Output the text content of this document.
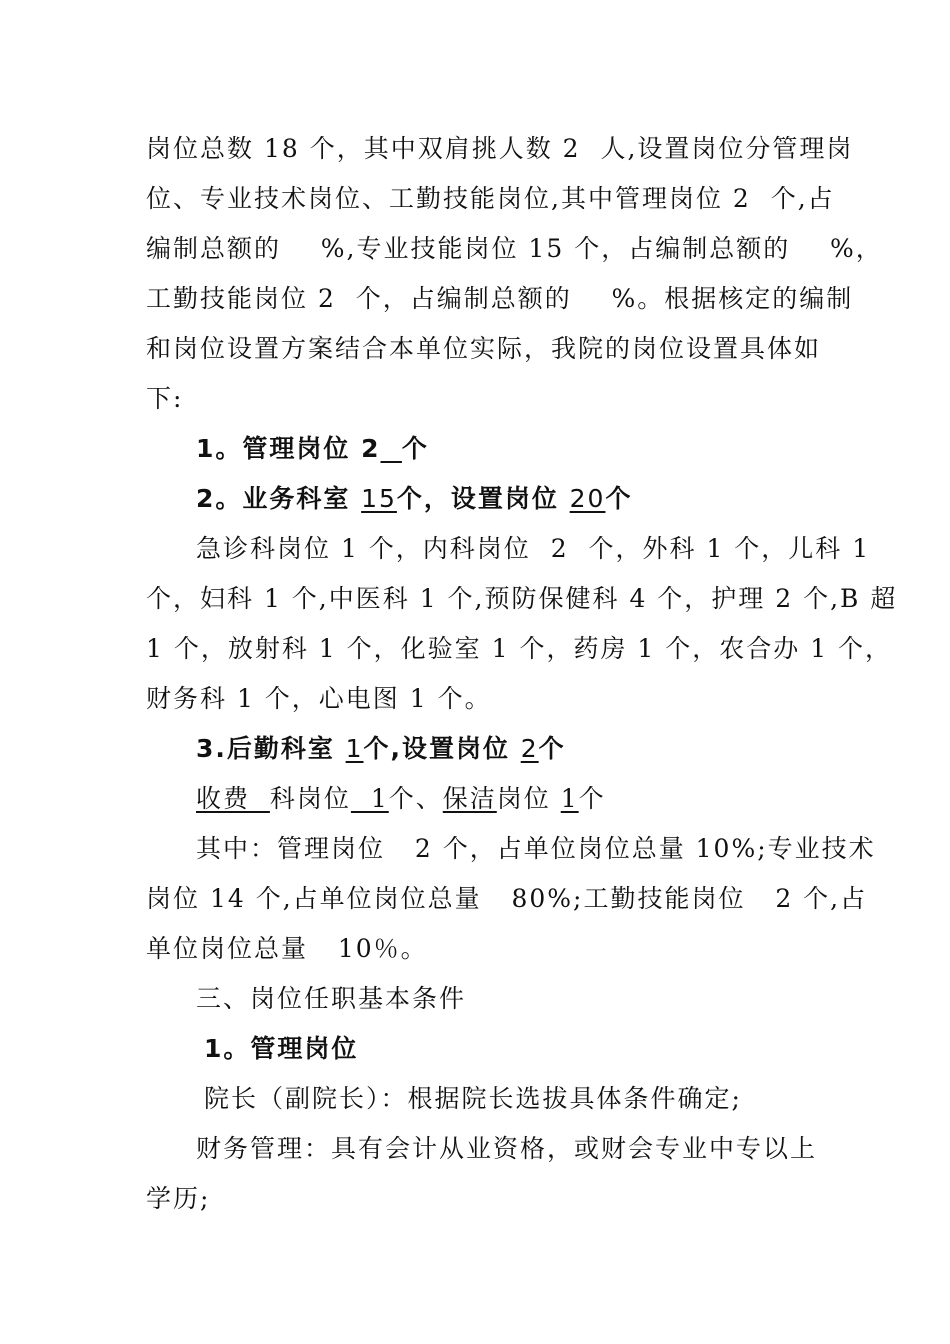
岗位总数 18 个，其中双肩挑人数 2  人,设置岗位分管理岗
位、专业技术岗位、工勤技能岗位,其中管理岗位 2  个,占
编制总额的    %,专业技能岗位 15 个，占编制总额的    %，
工勤技能岗位 2  个，占编制总额的    %。根据核定的编制
和岗位设置方案结合本单位实际，我院的岗位设置具体如
下:
1。管理岗位 2 个
2。业务科室 15个，设置岗位 20个
急诊科岗位 1 个，内科岗位  2  个，外科 1 个，儿科 1
个，妇科 1 个,中医科 1 个,预防保健科 4 个，护理 2 个,B 超
1 个，放射科 1 个，化验室 1 个，药房 1 个，农合办 1 个，
财务科 1 个，心电图 1 个。
3.后勤科室 1个,设置岗位 2个
收费 科岗位  1个、保洁岗位 1个
其中：管理岗位   2 个，占单位岗位总量 10%;专业技术
岗位 14 个,占单位岗位总量   80%;工勤技能岗位   2 个,占
单位岗位总量   10％。
三、岗位任职基本条件
1。管理岗位
院长（副院长）：根据院长选拔具体条件确定;
财务管理：具有会计从业资格，或财会专业中专以上
学历;
